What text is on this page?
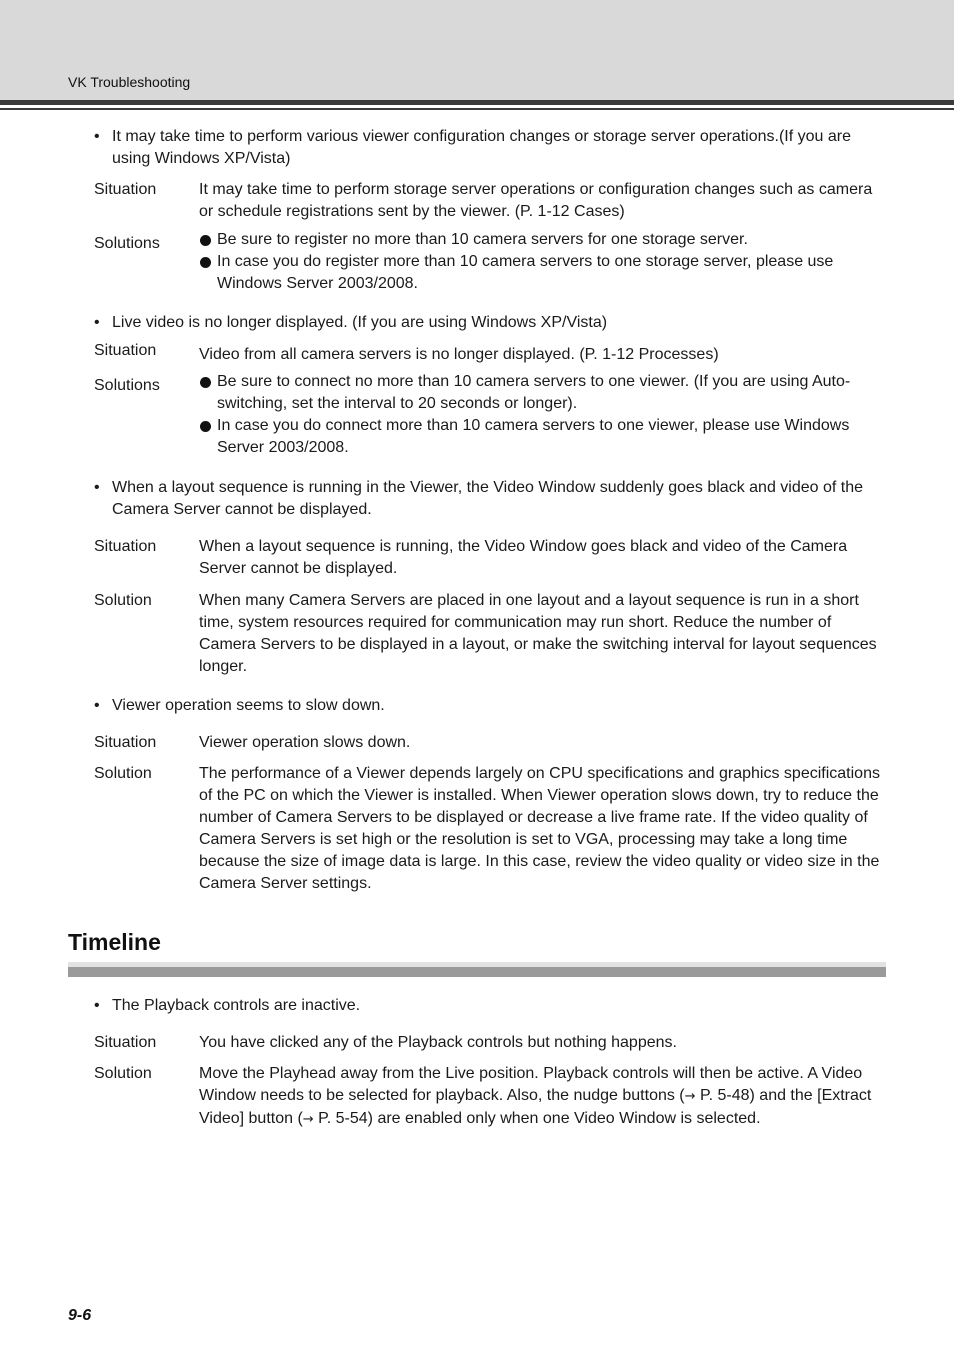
VK Troubleshooting
• It may take time to perform various viewer configuration changes or storage server operations.(If you are using Windows XP/Vista)
Situation	It may take time to perform storage server operations or configuration changes such as camera or schedule registrations sent by the viewer. (P. 1-12 Cases)
Solutions	Be sure to register no more than 10 camera servers for one storage server.
In case you do register more than 10 camera servers to one storage server, please use Windows Server 2003/2008.
• Live video is no longer displayed. (If you are using Windows XP/Vista)
Situation	Video from all camera servers is no longer displayed. (P. 1-12 Processes)
Solutions	Be sure to connect no more than 10 camera servers to one viewer. (If you are using Auto-switching, set the interval to 20 seconds or longer).
In case you do connect more than 10 camera servers to one viewer, please use Windows Server 2003/2008.
• When a layout sequence is running in the Viewer, the Video Window suddenly goes black and video of the Camera Server cannot be displayed.
Situation	When a layout sequence is running, the Video Window goes black and video of the Camera Server cannot be displayed.
Solution	When many Camera Servers are placed in one layout and a layout sequence is run in a short time, system resources required for communication may run short. Reduce the number of Camera Servers to be displayed in a layout, or make the switching interval for layout sequences longer.
• Viewer operation seems to slow down.
Situation	Viewer operation slows down.
Solution	The performance of a Viewer depends largely on CPU specifications and graphics specifications of the PC on which the Viewer is installed. When Viewer operation slows down, try to reduce the number of Camera Servers to be displayed or decrease a live frame rate. If the video quality of Camera Servers is set high or the resolution is set to VGA, processing may take a long time because the size of image data is large. In this case, review the video quality or video size in the Camera Server settings.
Timeline
• The Playback controls are inactive.
Situation	You have clicked any of the Playback controls but nothing happens.
Solution	Move the Playhead away from the Live position. Playback controls will then be active. A Video Window needs to be selected for playback. Also, the nudge buttons (→ P. 5-48) and the [Extract Video] button (→ P. 5-54) are enabled only when one Video Window is selected.
9-6
